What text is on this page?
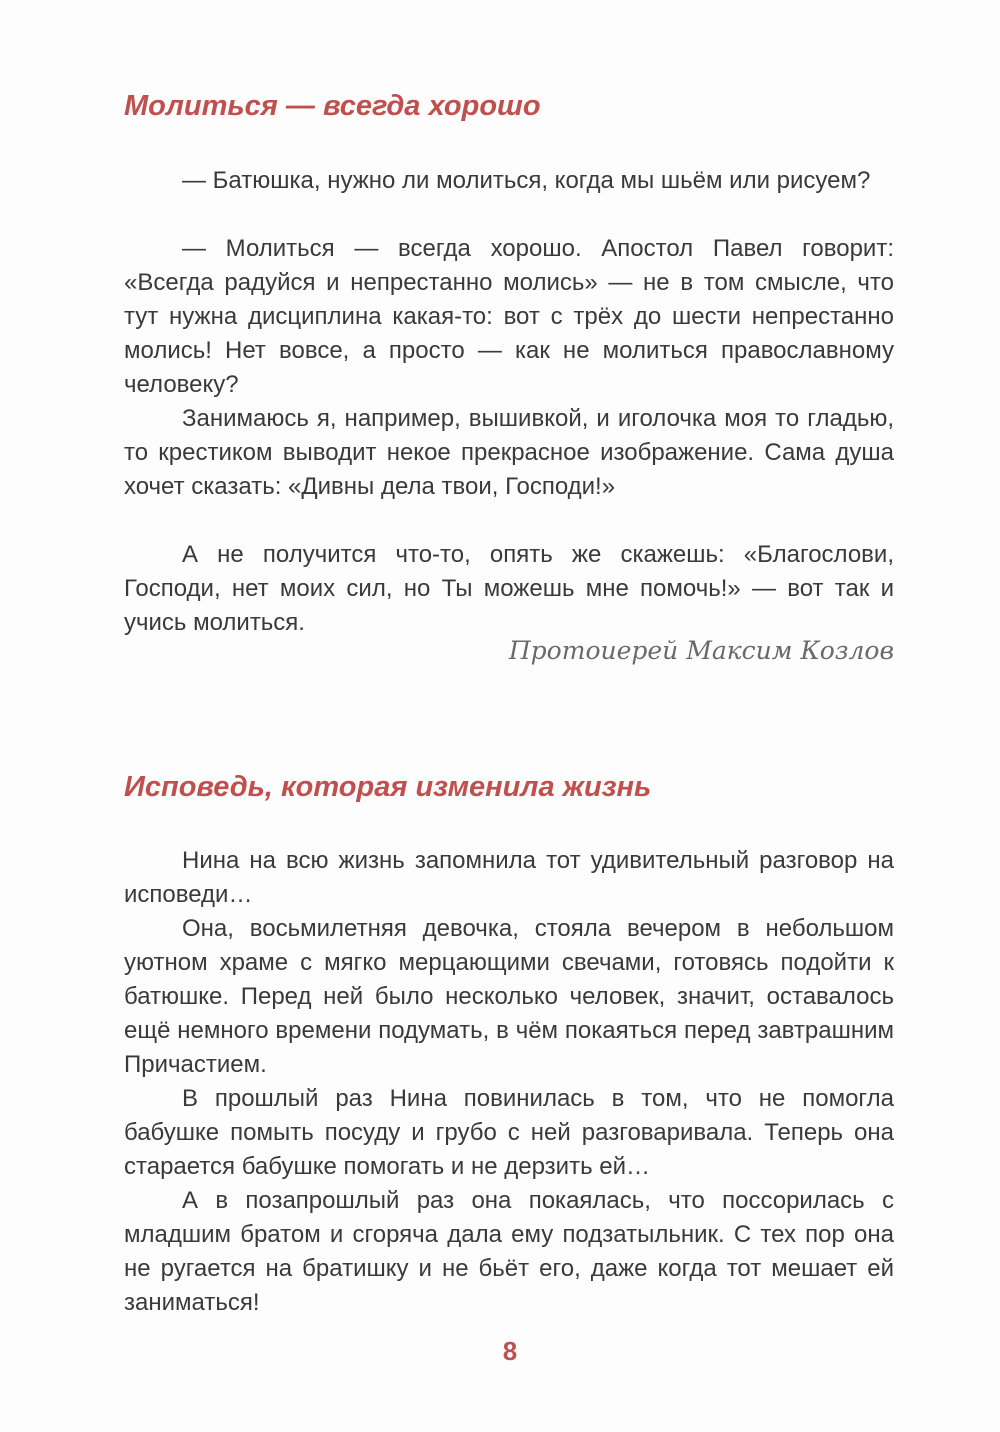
Молиться — всегда хорошо

— Батюшка, нужно ли молиться, когда мы шьём или рисуем?

— Молиться — всегда хорошо. Апостол Павел говорит: «Всегда радуйся и непрестанно молись» — не в том смысле, что тут нужна дисциплина какая-то: вот с трёх до шести непрестанно молись! Нет вовсе, а просто — как не молиться православному человеку?

Занимаюсь я, например, вышивкой, и иголочка моя то гладью, то крестиком выводит некое прекрасное изображение. Сама душа хочет сказать: «Дивны дела твои, Господи!»

А не получится что-то, опять же скажешь: «Благослови, Господи, нет моих сил, но Ты можешь мне помочь!» — вот так и учись молиться.

Протоиерей Максим Козлов

Исповедь, которая изменила жизнь

Нина на всю жизнь запомнила тот удивительный разговор на исповеди…

Она, восьмилетняя девочка, стояла вечером в небольшом уютном храме с мягко мерцающими свечами, готовясь подойти к батюшке. Перед ней было несколько человек, значит, оставалось ещё немного времени подумать, в чём покаяться перед завтрашним Причастием.

В прошлый раз Нина повинилась в том, что не помогла бабушке помыть посуду и грубо с ней разговаривала. Теперь она старается бабушке помогать и не дерзить ей…

А в позапрошлый раз она покаялась, что поссорилась с младшим братом и сгоряча дала ему подзатыльник. С тех пор она не ругается на братишку и не бьёт его, даже когда тот мешает ей заниматься!

8
